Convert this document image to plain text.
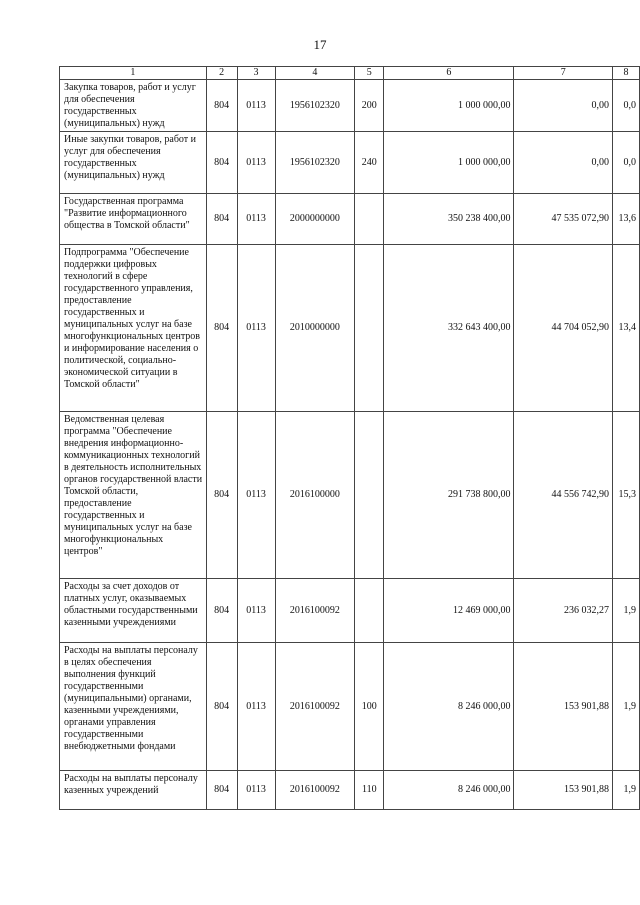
17
1	2	3	4	5	6	7	8
Закупка товаров, работ и услуг для обеспечения государственных (муниципальных) нужд	804	0113	1956102320	200	1 000 000,00	0,00	0,0
Иные закупки товаров, работ и услуг для обеспечения государственных (муниципальных) нужд	804	0113	1956102320	240	1 000 000,00	0,00	0,0
Государственная программа "Развитие информационного общества в Томской области"	804	0113	2000000000		350 238 400,00	47 535 072,90	13,6
Подпрограмма "Обеспечение поддержки цифровых технологий в сфере государственного управления, предоставление государственных и муниципальных услуг на базе многофункциональных центров и информирование населения о политической, социально-экономической ситуации в Томской области"	804	0113	2010000000		332 643 400,00	44 704 052,90	13,4
Ведомственная целевая программа "Обеспечение внедрения информационно-коммуникационных технологий в деятельность исполнительных органов государственной власти Томской области, предоставление государственных и муниципальных услуг на базе многофункциональных центров"	804	0113	2016100000		291 738 800,00	44 556 742,90	15,3
Расходы за счет доходов от платных услуг, оказываемых областными государственными казенными учреждениями	804	0113	2016100092		12 469 000,00	236 032,27	1,9
Расходы на выплаты персоналу в целях обеспечения выполнения функций государственными (муниципальными) органами, казенными учреждениями, органами управления государственными внебюджетными фондами	804	0113	2016100092	100	8 246 000,00	153 901,88	1,9
Расходы на выплаты персоналу казенных учреждений	804	0113	2016100092	110	8 246 000,00	153 901,88	1,9
